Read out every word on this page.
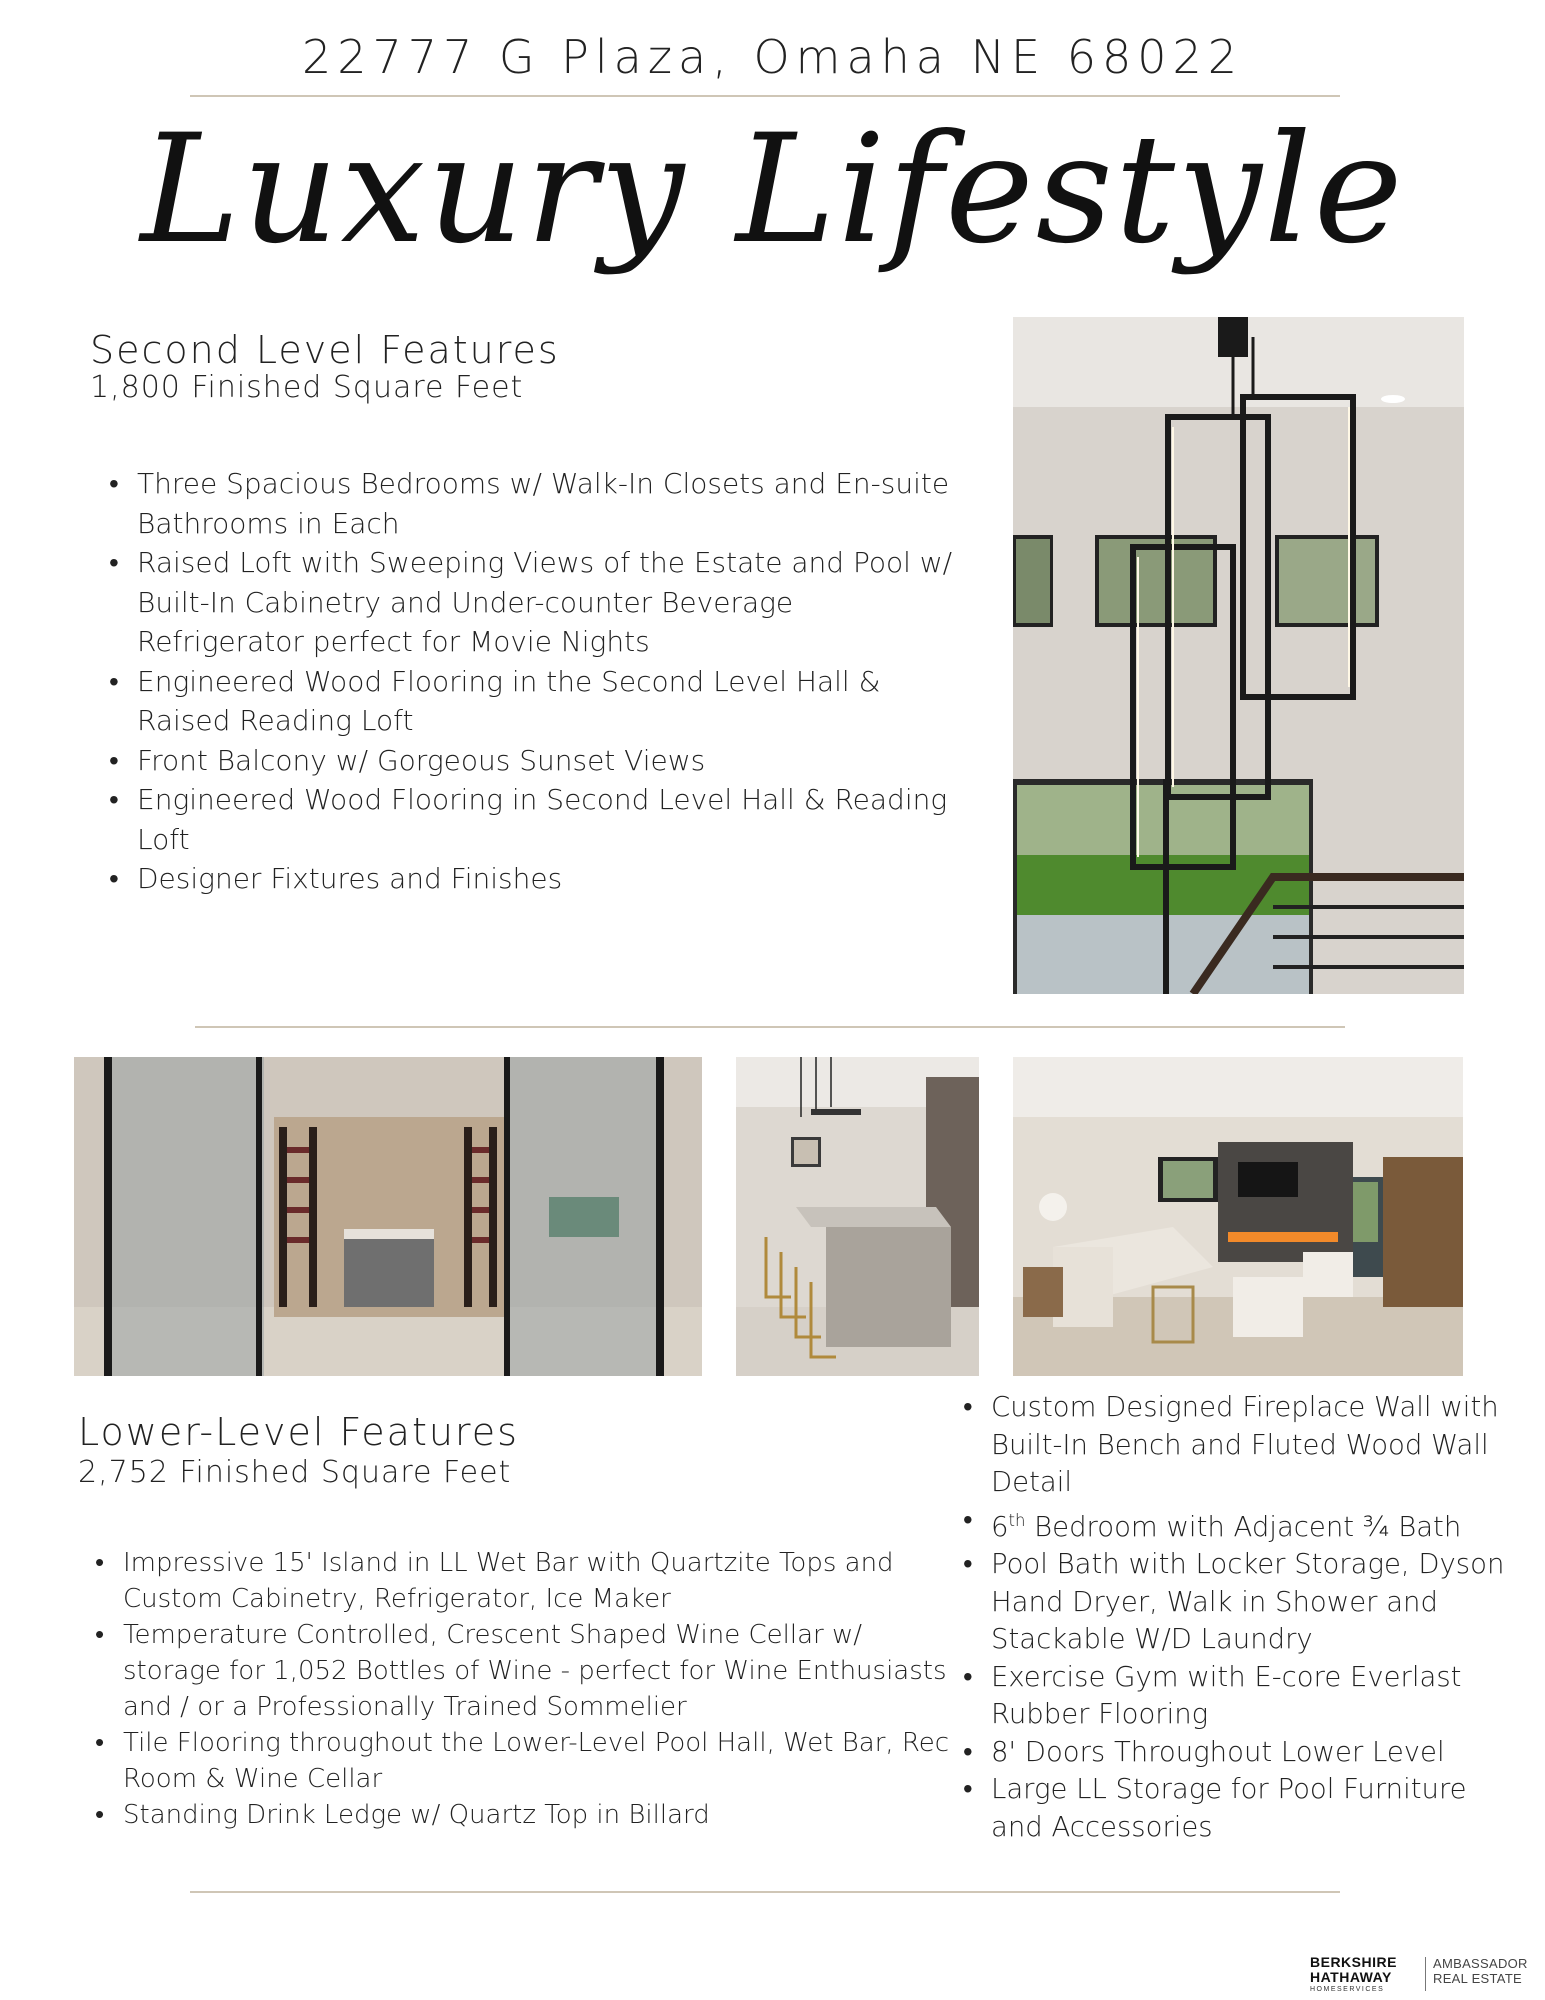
22777 G Plaza, Omaha NE 68022
Luxury Lifestyle
Second Level Features
1,800 Finished Square Feet
• Three Spacious Bedrooms w/ Walk-In Closets and En-suite Bathrooms in Each
• Raised Loft with Sweeping Views of the Estate and Pool w/ Built-In Cabinetry and Under-counter Beverage Refrigerator perfect for Movie Nights
• Engineered Wood Flooring in the Second Level Hall & Raised Reading Loft
• Front Balcony w/ Gorgeous Sunset Views
• Engineered Wood Flooring in Second Level Hall & Reading Loft
• Designer Fixtures and Finishes
Lower-Level Features
2,752 Finished Square Feet
• Impressive 15' Island in LL Wet Bar with Quartzite Tops and Custom Cabinetry, Refrigerator, Ice Maker
• Temperature Controlled, Crescent Shaped Wine Cellar w/ storage for 1,052 Bottles of Wine - perfect for Wine Enthusiasts and / or a Professionally Trained Sommelier
• Tile Flooring throughout the Lower-Level Pool Hall, Wet Bar, Rec Room & Wine Cellar
• Standing Drink Ledge w/ Quartz Top in Billard
• Custom Designed Fireplace Wall with Built-In Bench and Fluted Wood Wall Detail
• 6th Bedroom with Adjacent ¾ Bath
• Pool Bath with Locker Storage, Dyson Hand Dryer, Walk in Shower and Stackable W/D Laundry
• Exercise Gym with E-core Everlast Rubber Flooring
• 8' Doors Throughout Lower Level
• Large LL Storage for Pool Furniture and Accessories
BERKSHIRE
HATHAWAY
HOMESERVICES
AMBASSADOR
REAL ESTATE
